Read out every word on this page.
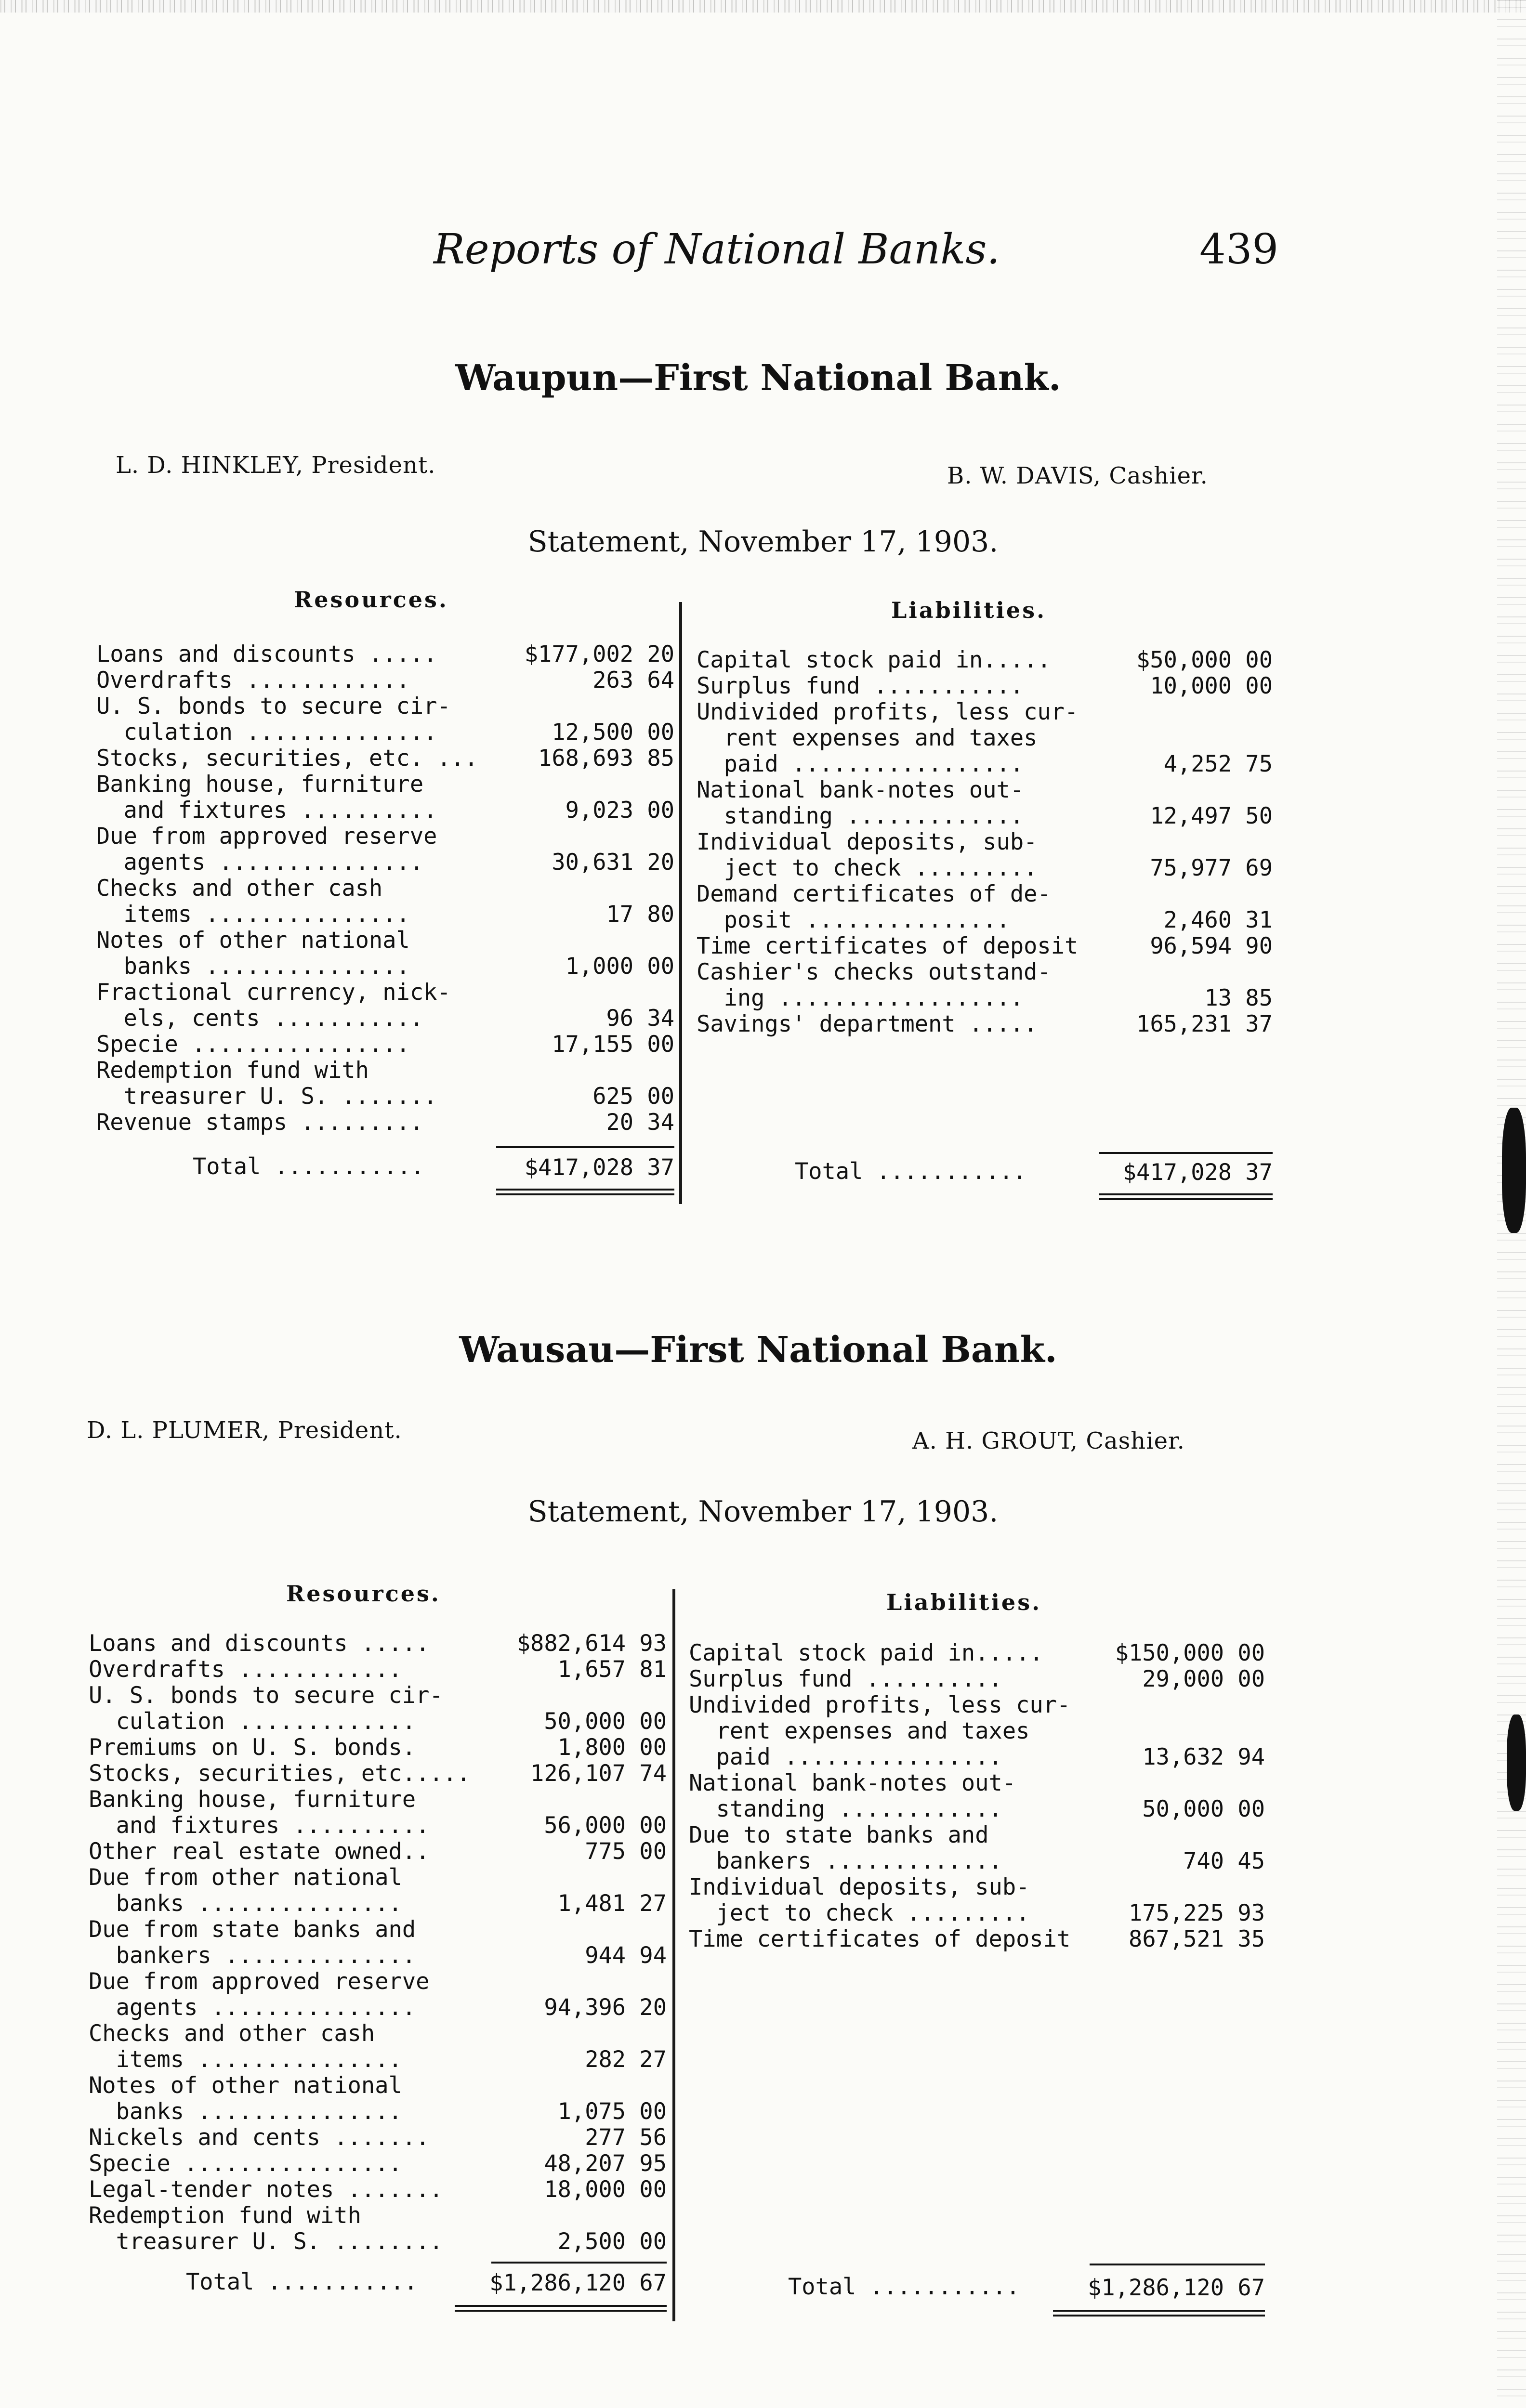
Reports of National Banks.	439
Waupun—First National Bank.
L. D. HINKLEY, President.	B. W. DAVIS, Cashier.
Statement, November 17, 1903.
Resources.	Liabilities.
Loans and discounts .....	$177,002 20
Overdrafts ............	263 64
U. S. bonds to secure cir-
culation ..............	12,500 00
Stocks, securities, etc. ...	168,693 85
Banking house, furniture
and fixtures ..........	9,023 00
Due from approved reserve
agents ...............	30,631 20
Checks and other cash
items ...............	17 80
Notes of other national
banks ...............	1,000 00
Fractional currency, nick-
els, cents ...........	96 34
Specie ................	17,155 00
Redemption fund with
treasurer U. S. .......	625 00
Revenue stamps .........	20 34
Capital stock paid in.....	$50,000 00
Surplus fund ...........	10,000 00
Undivided profits, less cur-
rent expenses and taxes
paid .................	4,252 75
National bank-notes out-
standing .............	12,497 50
Individual deposits, sub-
ject to check .........	75,977 69
Demand certificates of de-
posit ...............	2,460 31
Time certificates of deposit	96,594 90
Cashier's checks outstand-
ing ..................	13 85
Savings' department .....	165,231 37
Total ...........	$417,028 37	Total ...........	$417,028 37
Wausau—First National Bank.
D. L. PLUMER, President.	A. H. GROUT, Cashier.
Statement, November 17, 1903.
Resources.	Liabilities.
Loans and discounts .....	$882,614 93
Overdrafts ............	1,657 81
U. S. bonds to secure cir-
culation .............	50,000 00
Premiums on U. S. bonds.	1,800 00
Stocks, securities, etc.....	126,107 74
Banking house, furniture
and fixtures ..........	56,000 00
Other real estate owned..	775 00
Due from other national
banks ...............	1,481 27
Due from state banks and
bankers ..............	944 94
Due from approved reserve
agents ...............	94,396 20
Checks and other cash
items ...............	282 27
Notes of other national
banks ...............	1,075 00
Nickels and cents .......	277 56
Specie ................	48,207 95
Legal-tender notes .......	18,000 00
Redemption fund with
treasurer U. S. ........	2,500 00
Capital stock paid in.....	$150,000 00
Surplus fund ..........	29,000 00
Undivided profits, less cur-
rent expenses and taxes
paid ................	13,632 94
National bank-notes out-
standing ............	50,000 00
Due to state banks and
bankers .............	740 45
Individual deposits, sub-
ject to check .........	175,225 93
Time certificates of deposit	867,521 35
Total ...........	$1,286,120 67	Total ...........	$1,286,120 67
